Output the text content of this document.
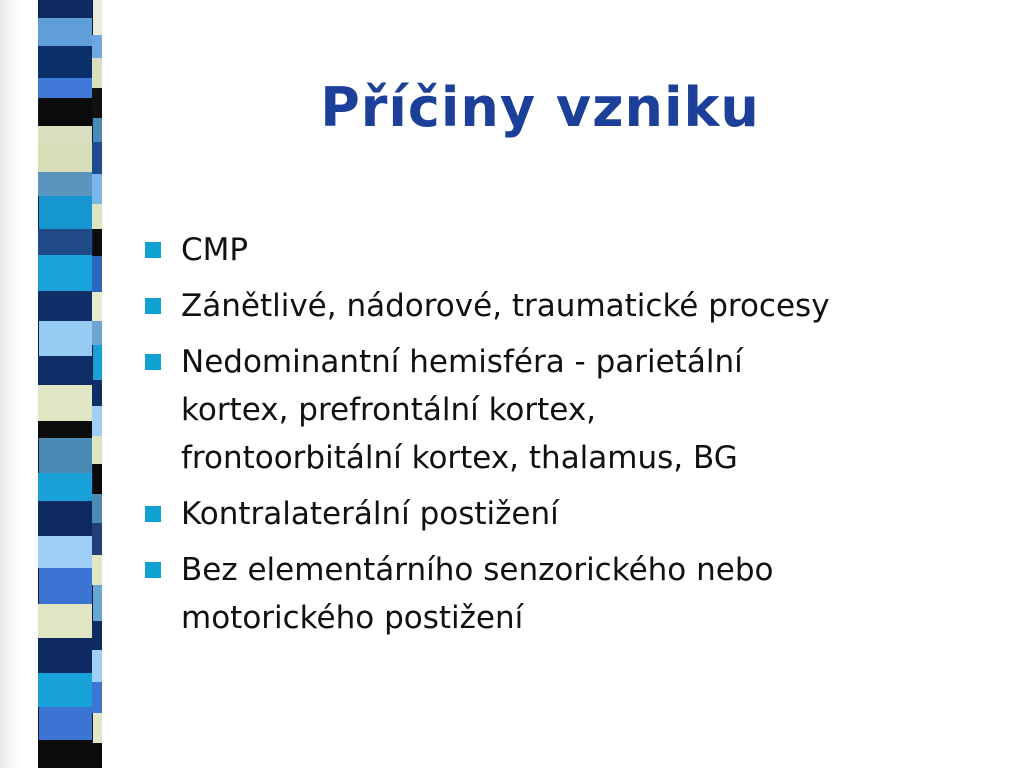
Příčiny vzniku
CMP
Zánětlivé, nádorové, traumatické procesy
Nedominantní hemisféra - parietální
kortex, prefrontální kortex,
frontoorbitální kortex, thalamus, BG
Kontralaterální postižení
Bez elementárního senzorického nebo
motorického postižení
